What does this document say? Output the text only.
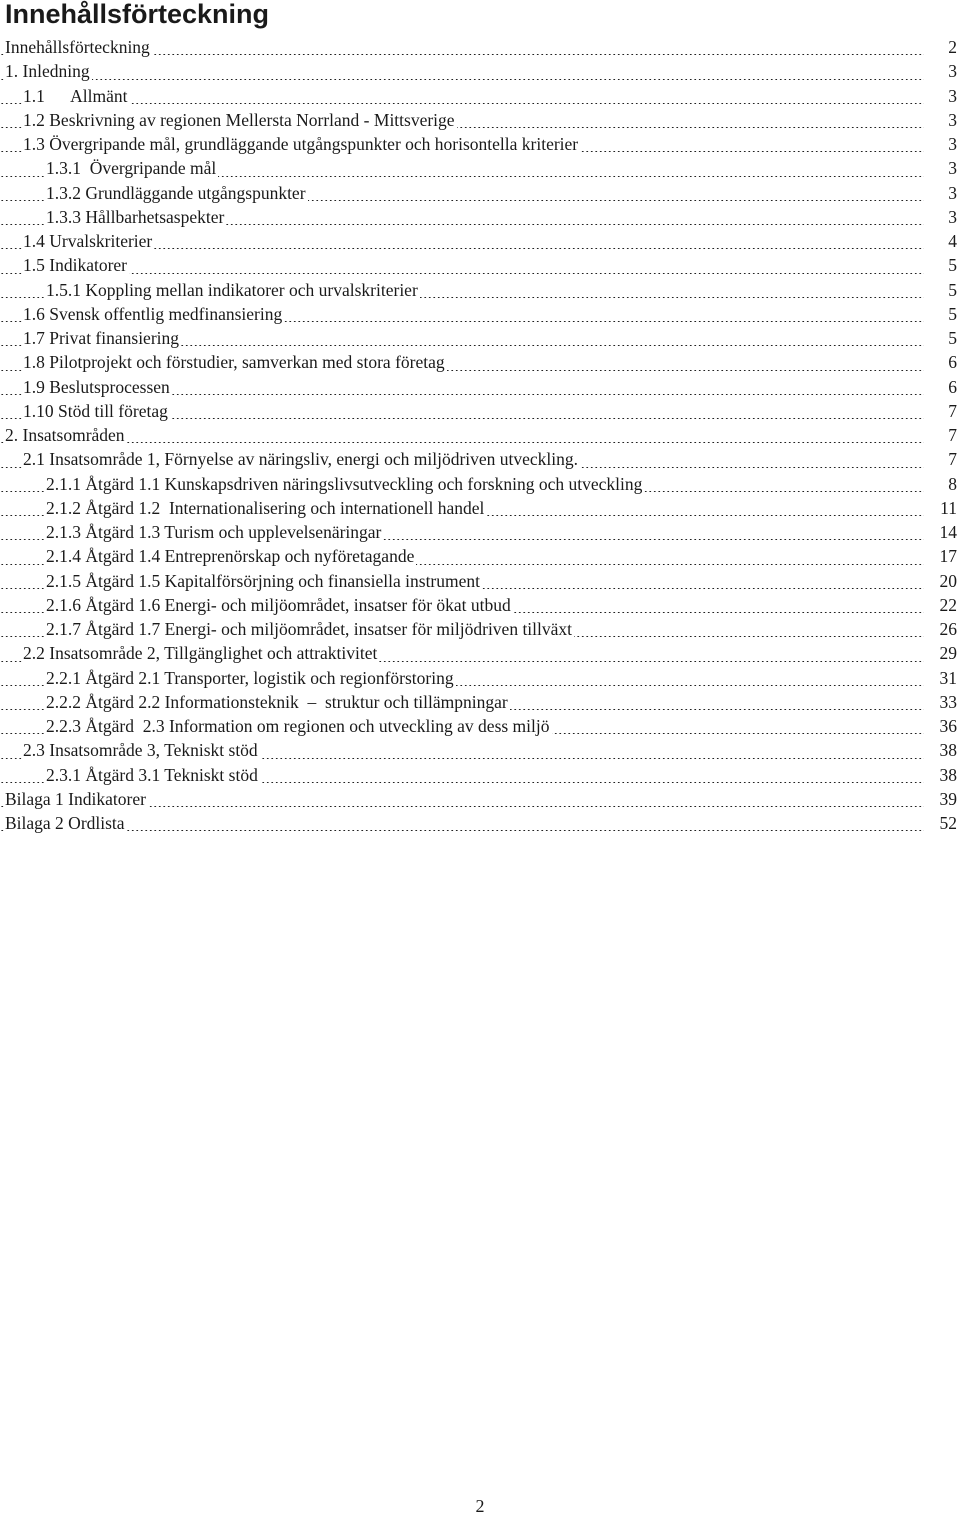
Innehållsförteckning
Innehållsförteckning	2
1. Inledning	3
1.1      Allmänt	3
1.2 Beskrivning av regionen Mellersta Norrland - Mittsverige	3
1.3 Övergripande mål, grundläggande utgångspunkter och horisontella kriterier	3
1.3.1  Övergripande mål	3
1.3.2 Grundläggande utgångspunkter	3
1.3.3 Hållbarhetsaspekter	3
1.4 Urvalskriterier	4
1.5 Indikatorer	5
1.5.1 Koppling mellan indikatorer och urvalskriterier	5
1.6 Svensk offentlig medfinansiering	5
1.7 Privat finansiering	5
1.8 Pilotprojekt och förstudier, samverkan med stora företag	6
1.9 Beslutsprocessen	6
1.10 Stöd till företag	7
2. Insatsområden	7
2.1 Insatsområde 1, Förnyelse av näringsliv, energi och miljödriven utveckling.	7
2.1.1 Åtgärd 1.1 Kunskapsdriven näringslivsutveckling och forskning och utveckling	8
2.1.2 Åtgärd 1.2  Internationalisering och internationell handel	11
2.1.3 Åtgärd 1.3 Turism och upplevelsenäringar	14
2.1.4 Åtgärd 1.4 Entreprenörskap och nyföretagande	17
2.1.5 Åtgärd 1.5 Kapitalförsörjning och finansiella instrument	20
2.1.6 Åtgärd 1.6 Energi- och miljöområdet, insatser för ökat utbud	22
2.1.7 Åtgärd 1.7 Energi- och miljöområdet, insatser för miljödriven tillväxt	26
2.2 Insatsområde 2, Tillgänglighet och attraktivitet	29
2.2.1 Åtgärd 2.1 Transporter, logistik och regionförstoring	31
2.2.2 Åtgärd 2.2 Informationsteknik  –  struktur och tillämpningar	33
2.2.3 Åtgärd  2.3 Information om regionen och utveckling av dess miljö	36
2.3 Insatsområde 3, Tekniskt stöd	38
2.3.1 Åtgärd 3.1 Tekniskt stöd	38
Bilaga 1 Indikatorer	39
Bilaga 2 Ordlista	52

2
